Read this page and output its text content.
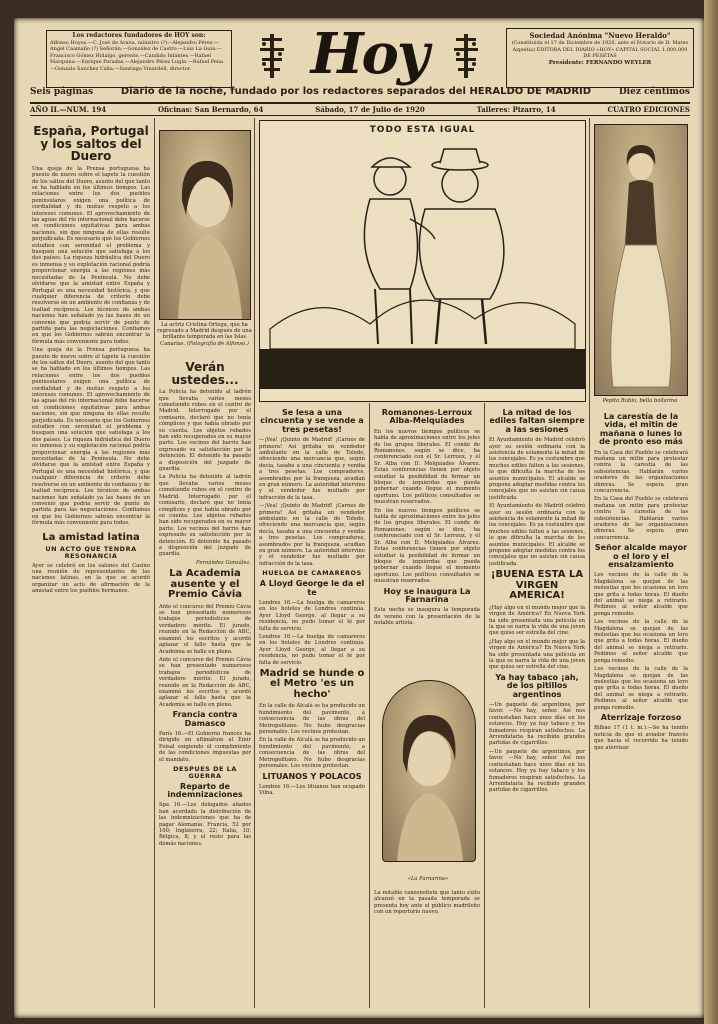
Los redactores fundadores de HOY son:
Alfonso Hoyos.—C. José de Arana, ministro (?)—Alejandro Pérez.—Angel Caamaño (?) Señorán.—González de Castro.—Luis La Guía.—Francisco Gómez Hidalgo, gerente.—Candido Infantes.—Rafael Marquina.—Enrique Paradas.—Alejandro Pérez Lugín.—Rafael Pena.—Gonzalo Sanchez Caña.—Santiago Vinardell, director.	Hoy	Sociedad Anónima "Nuevo Heraldo"
(Constituida el 17 de Diciembre de 1920, ante el Notario de D. Mateo Azpeitia) EDITORA DEL DIARIO «HOY» CAPITAL SOCIAL 1.000.000 DE PESETAS
Presidente: FERNANDO WEYLER
Seis páginas	Diario de la noche, fundado por los redactores separados del HERALDO DE MADRID	Diez céntimos
AÑO II.—NUM. 194	Oficinas: San Bernardo, 64	Sábado, 17 de Julio de 1920	Talleres: Pizarro, 14	CUATRO EDICIONES
España, Portugal y los saltos del Duero

Una queja de la Prensa portuguesa ha puesto de nuevo sobre el tapete la cuestión de los saltos del Duero, asunto del que tanto se ha hablado en los últimos tiempos. Las relaciones entre los dos pueblos peninsulares exigen una política de cordialidad y de mutuo respeto a los intereses comunes. El aprovechamiento de las aguas del río internacional debe hacerse en condiciones equitativas para ambas naciones, sin que ninguna de ellas resulte perjudicada. Es necesario que los Gobiernos estudien con serenidad el problema y busquen una solución que satisfaga a los dos países. La riqueza hidráulica del Duero es inmensa y su explotación racional podría proporcionar energía a las regiones más necesitadas de la Península. No debe olvidarse que la amistad entre España y Portugal es una necesidad histórica, y que cualquier diferencia de criterio debe resolverse en un ambiente de confianza y de lealtad recíproca. Los técnicos de ambas naciones han señalado ya las bases de un convenio que podría servir de punto de partida para las negociaciones. Confiamos en que los Gobiernos sabrán encontrar la fórmula más conveniente para todos.

Una queja de la Prensa portuguesa ha puesto de nuevo sobre el tapete la cuestión de los saltos del Duero, asunto del que tanto se ha hablado en los últimos tiempos. Las relaciones entre los dos pueblos peninsulares exigen una política de cordialidad y de mutuo respeto a los intereses comunes. El aprovechamiento de las aguas del río internacional debe hacerse en condiciones equitativas para ambas naciones, sin que ninguna de ellas resulte perjudicada. Es necesario que los Gobiernos estudien con serenidad el problema y busquen una solución que satisfaga a los dos países. La riqueza hidráulica del Duero es inmensa y su explotación racional podría proporcionar energía a las regiones más necesitadas de la Península. No debe olvidarse que la amistad entre España y Portugal es una necesidad histórica, y que cualquier diferencia de criterio debe resolverse en un ambiente de confianza y de lealtad recíproca. Los técnicos de ambas naciones han señalado ya las bases de un convenio que podría servir de punto de partida para las negociaciones. Confiamos en que los Gobiernos sabrán encontrar la fórmula más conveniente para todos.

La amistad latina
UN ACTO QUE TENDRA RESONANCIA

Ayer se celebró en los salones del Casino una reunión de representantes de las naciones latinas, en la que se acordó organizar un acto de afirmación de la amistad entre los pueblos hermanos.

La actriz Cristina Ortega, que ha regresado a Madrid después de una brillante temporada en las Islas Canarias. (Fotografía de Alfonso.)
Verán ustedes...

La Policía ha detenido al ladrón que llevaba varios meses cometiendo robos en el centro de Madrid. Interrogado por el comisario, declaró que no tenía cómplices y que había obrado por su cuenta. Los objetos robados han sido recuperados en su mayor parte. Los vecinos del barrio han expresado su satisfacción por la detención. El detenido ha pasado a disposición del juzgado de guardia.

La Policía ha detenido al ladrón que llevaba varios meses cometiendo robos en el centro de Madrid. Interrogado por el comisario, declaró que no tenía cómplices y que había obrado por su cuenta. Los objetos robados han sido recuperados en su mayor parte. Los vecinos del barrio han expresado su satisfacción por la detención. El detenido ha pasado a disposición del juzgado de guardia.

Fernández González.

La Academia ausente y el Premio Cávia

Ante el concurso del Premio Cávia se han presentado numerosos trabajos periodísticos de verdadero mérito. El jurado, reunido en la Redacción de ABC, examinó los escritos y acordó aplazar el fallo hasta que la Academia se halle en pleno.

Ante el concurso del Premio Cávia se han presentado numerosos trabajos periodísticos de verdadero mérito. El jurado, reunido en la Redacción de ABC, examinó los escritos y acordó aplazar el fallo hasta que la Academia se halle en pleno.

Francia contra Damasco

París 16.—El Gobierno francés ha dirigido un ultimátum al Emir Feisal exigiendo el cumplimiento de las condiciones impuestas por el mandato.

DESPUES DE LA GUERRA
Reparto de indemnizaciones

Spa 16.—Los delegados aliados han acordado la distribución de las indemnizaciones que ha de pagar Alemania: Francia, 52 por 100; Inglaterra, 22; Italia, 10; Bélgica, 8; y el resto para las demás naciones.

TODO ESTA IGUAL
—D'ga usted, Joulebuenagorragui ¿por qué resulta ahora el baño más caro? —¡Ah, señora! Es que este año ha subido mucho la marea.
Se lesa a una cincuenta y se vende a tres pesetas!

—¡Vea! ¡Quinto de Madrid! ¡Carnes de primera! Así gritaba un vendedor ambulante en la calle de Toledo, ofreciendo una mercancía que, según decía, tasaba a una cincuenta y vendía a tres pesetas. Los compradores, asombrados por la franqueza, acudían en gran número. La autoridad intervino y el vendedor fue multado por infracción de la tasa.

—¡Vea! ¡Quinto de Madrid! ¡Carnes de primera! Así gritaba un vendedor ambulante en la calle de Toledo, ofreciendo una mercancía que, según decía, tasaba a una cincuenta y vendía a tres pesetas. Los compradores, asombrados por la franqueza, acudían en gran número. La autoridad intervino y el vendedor fue multado por infracción de la tasa.

HUELGA DE CAMAREROS
A Lloyd George le da el te

Londres 16.—La huelga de camareros en los hoteles de Londres continúa. Ayer Lloyd George, al llegar a su residencia, no pudo tomar el té por falta de servicio.

Londres 16.—La huelga de camareros en los hoteles de Londres continúa. Ayer Lloyd George, al llegar a su residencia, no pudo tomar el té por falta de servicio.

Madrid se hunde o el Metro 'es un hecho'

En la calle de Alcalá se ha producido un hundimiento del pavimento, a consecuencia de las obras del Metropolitano. No hubo desgracias personales. Los vecinos protestan.

En la calle de Alcalá se ha producido un hundimiento del pavimento, a consecuencia de las obras del Metropolitano. No hubo desgracias personales. Los vecinos protestan.

LITUANOS Y POLACOS

Londres 16.—Los lituanos han ocupado Vilna.

Romanones-Lerroux Alba-Melquiades

En los nuevos tiempos políticos se habla de aproximaciones entre los jefes de los grupos liberales. El conde de Romanones, según se dice, ha conferenciado con el Sr. Lerroux, y el Sr. Alba con D. Melquiades Álvarez. Estas conferencias tienen por objeto estudiar la posibilidad de formar un bloque de izquierdas que pueda gobernar cuando llegue el momento oportuno. Los políticos consultados se muestran reservados.

En los nuevos tiempos políticos se habla de aproximaciones entre los jefes de los grupos liberales. El conde de Romanones, según se dice, ha conferenciado con el Sr. Lerroux, y el Sr. Alba con D. Melquiades Álvarez. Estas conferencias tienen por objeto estudiar la posibilidad de formar un bloque de izquierdas que pueda gobernar cuando llegue el momento oportuno. Los políticos consultados se muestran reservados.

Hoy se inaugura La Farnarina

Esta noche se inaugura la temporada de verano con la presentación de la notable artista.

«La Farnarina»

La notable canzonetista que tanto éxito alcanzó en la pasada temporada se presenta hoy ante el público madrileño con un repertorio nuevo.

La mitad de los ediles faltan siempre a las sesiones

El Ayuntamiento de Madrid celebró ayer su sesión ordinaria con la asistencia de solamente la mitad de los concejales. Es ya costumbre que muchos ediles falten a las sesiones, lo que dificulta la marcha de los asuntos municipales. El alcalde se propone adoptar medidas contra los concejales que no asistan sin causa justificada.

El Ayuntamiento de Madrid celebró ayer su sesión ordinaria con la asistencia de solamente la mitad de los concejales. Es ya costumbre que muchos ediles falten a las sesiones, lo que dificulta la marcha de los asuntos municipales. El alcalde se propone adoptar medidas contra los concejales que no asistan sin causa justificada.

¡BUENA ESTA LA VIRGEN AMERICA!

¿Hay algo en el mundo mejor que la virgen de América? En Nueva York ha sido presentada una película en la que se narra la vida de una joven que quiso ser estrella del cine.

¿Hay algo en el mundo mejor que la virgen de América? En Nueva York ha sido presentada una película en la que se narra la vida de una joven que quiso ser estrella del cine.

Ya hay tabaco ¡ah, de los pitillos argentinos

—Un paquete de argentinos, por favor. —No hay, señor. Así nos contestaban hace unos días en los estancos. Hoy ya hay tabaco y los fumadores respiran satisfechos. La Arrendataria ha recibido grandes partidas de cigarrillos.

—Un paquete de argentinos, por favor. —No hay, señor. Así nos contestaban hace unos días en los estancos. Hoy ya hay tabaco y los fumadores respiran satisfechos. La Arrendataria ha recibido grandes partidas de cigarrillos.

Pepita Rubio, bella bailarina
La carestía de la vida, el mitin de mañana o lunes lo de pronto eso más

En la Casa del Pueblo se celebrará mañana un mitin para protestar contra la carestía de las subsistencias. Hablarán varios oradores de las organizaciones obreras. Se espera gran concurrencia.

En la Casa del Pueblo se celebrará mañana un mitin para protestar contra la carestía de las subsistencias. Hablarán varios oradores de las organizaciones obreras. Se espera gran concurrencia.

Señor alcalde mayor o el loro y el ensalzamiento

Los vecinos de la calle de la Magdalena se quejan de las molestias que les ocasiona un loro que grita a todas horas. El dueño del animal se niega a retirarlo. Pedimos al señor alcalde que ponga remedio.

Los vecinos de la calle de la Magdalena se quejan de las molestias que les ocasiona un loro que grita a todas horas. El dueño del animal se niega a retirarlo. Pedimos al señor alcalde que ponga remedio.

Los vecinos de la calle de la Magdalena se quejan de las molestias que les ocasiona un loro que grita a todas horas. El dueño del animal se niega a retirarlo. Pedimos al señor alcalde que ponga remedio.

Aterrizaje forzoso

Bilbao 17 (1 t. m.).—Se ha tenido noticia de que el aviador francés que hacía el recorrido ha tenido que aterrizar.
